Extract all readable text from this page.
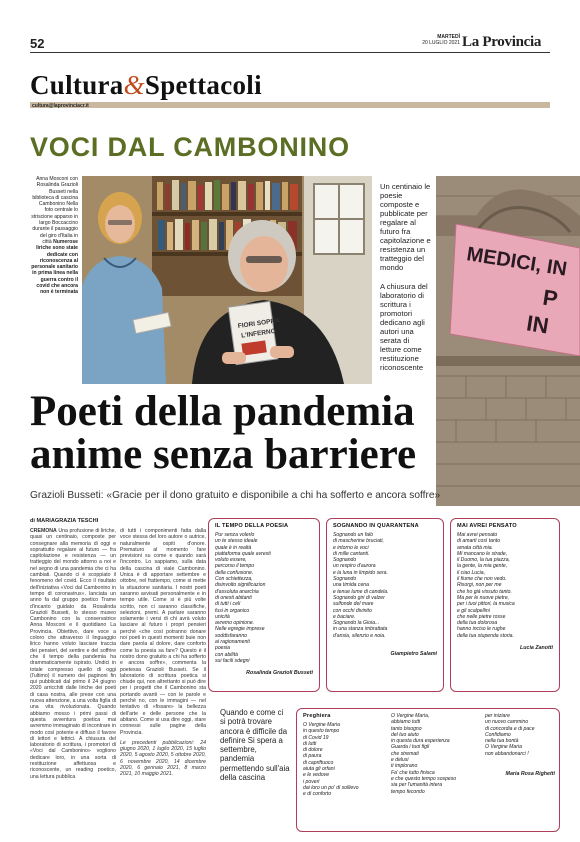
52	MARTEDÌ
20 LUGLIO 2021 La Provincia
Cultura&Spettacoli
cultura@laprovinciacr.it
VOCI DAL CAMBONINO
Anna Mosconi con Rosalinda Grazioli Busseti nella biblioteca di cascina Cambonino Nella foto centrale lo striscione apparso in largo Boccaccino durante il passaggio del giro d'Italia in città Numerose liriche sono state dedicate con riconoscenza al personale sanitario in prima linea nella guerra contro il covid che ancora non è terminata
FIORI SOPRA
L'INFERNO

Un centinaio le poesie composte e pubblicate per regalare al futuro fra capitolazione e resistenza un tratteggio del mondo

A chiusura del laboratorio di scrittura i promotori dedicano agli autori una serata di letture come restituzione riconoscente

MEDICI, IN
P
IN
Poeti della pandemia
anime senza barriere
Grazioli Busseti: «Gracie per il dono gratuito e disponibile a chi ha sofferto e ancora soffre»
di MARIAGRAZIA TESCHI
CREMONA Una profusione di liriche, quasi un centinaio, composte per consegnare alla memoria di oggi e soprattutto regalare al futuro — fra capitolazione e resistenza — un tratteggio del mondo attorno a noi e nel segno di una pandemia che ci ha cambiati. Quando ci è scoppiato il fenomeno del covid. Ecco il risultato dell'iniziativa «Voci dal Cambonino in tempo di coronavirus», lanciata un anno fa dal gruppo poetico Trame d'incanto guidato da Rosalinda Grazioli Busseti, lo stesso museo Cambonino con la conservatrice Anna Mosconi e il quotidiano La Provincia. Obiettivo, dare voce a coloro che attraverso il linguaggio lirico hanno voluto lasciare traccia dei pensieri, del sentire e del soffrire che il tempo della pandemia ha drammaticamente ispirato. Undici in totale compresso quello di oggi (l'ultimo) il numero dei paginoni fin qui pubblicati dal primo il 24 giugno 2020 arricchiti dalle liriche dei poeti di casa nostra, alle prese con una nuova attenzione, a una volta figlia di una vita rivoluzionata. Quando abbiamo mosso i primi passi di questa avventura poetica mai avremmo immaginato di incontrare in modo così potente e diffuso il favore di lettori e lettrici. A chiusura del laboratorio di scrittura, i promotori di «Voci dal Cambonino» vogliono dedicare loro, in una sorta di restituzione affettuosa e riconoscente, un reading poetico, una lettura pubblica
di tutti i componimenti fatta dalla voce stessa del loro autore o autrice, naturalmente ospiti d'onore. Prematuro al momento fare previsioni su come e quando sarà l'incontro. Lo sappiamo, sulla data della cascina di viale Cambonino. Unica è di apportare settembre e ottobre, nel frattempo, come si mette la situazione sanitaria. I nostri poeti saranno avvisati personalmente e in tempo utile. Come si è più volte scritto, non ci saranno classifiche, selezioni, premi. A parlare saranno solamente i versi di chi avrà voluto lasciare al futuro i propri pensieri perché «che così potranno donare noi poeti in questi momenti buie non dare parola al dolore, dare conforto come la poesia sa fare? Questo è il nostro dono gratuito a chi ha sofferto e ancora soffre», commenta la poetessa Grazioli Busseti. Se il laboratorio di scrittura poetica si chiude qui, non altrettanto si può dire per i progetti che il Cambonino sta portando avanti — con le parole e perché no, con le immagini — nel tentativo di «fissare» la bellezza dell'arte e delle persone che la abitano. Come si usa dire oggi, stare connessi sulle pagine della Provincia.
Le precedenti pubblicazioni: 24 giugno 2020, 1 luglio 2020, 15 luglio 2020, 5 agosto 2020, 5 ottobre 2020, 6 novembre 2020, 14 dicembre 2020, 6 gennaio 2021, 8 marzo 2021, 10 maggio 2021.
IL TEMPO DELLA POESIA
Pur senza volerlo
un te stesso ideale
quale è in realtà
piattaforma quale avresti
voluto essere,
percorso il tempo
della confusione.
Con schiettezza,
disinvolto significazion
d'assoluta anarchia
di onesti abitanti
di tutti i celi
fusi in organico
unicità
avremo opinione.
Nelle egregie imprese
soddisfaranno
ai ragionamenti
poesia
con abilità
sui facili sdegni
Rosalinda Grazioli Busseti
SOGNANDO IN QUARANTENA
Sognando un falò
di mascherine bruciati,
e intorno le voci
di mille cantanti.
Sognando
un respiro d'aurora
e la luna in limpido sera.
Sognando
una timida cena
e tenue lume di candela.
Sognando giri di valzer
sulfonde del mare
con occhi divinito
e baciare.
Sognando la Gioia...
in una stanza imbrattata
d'ansia, silenzio e noia.
Giampietro Salami
MAI AVREI PENSATO
Mai avrei pensato
di amarti così tanto
amata città mia.
Mi mancano le strade,
il Duomo, la tua piazza,
la gente, la mia gente,
il ciao Lucia,
il fiume che non vedo.
Risorgi, non per me
che ho già vissuto tanto.
Ma per le nuove pietre,
per i tuoi pittori, la musica
e gli scalpellini
che nelle pietre rosse
della tua dolorosa
hanno inciso le rughe
della tua stupenda storia.
Lucia Zanotti
Quando e come ci si potrà trovare ancora è difficile da definire Si spera a settembre, pandemia permettendo sull'aia della cascina
Preghiera
O Vergine Maria
in questo tempo
di Covid 19
di lutti
di dolore
di paura
di capriftuoco
aiuta gli orfani
e le vedove
i poveri
dai loro un po' di sollievo
e di conforto
O Vergine Maria,
abbiamo tutti
tanto bisogno
del tuo aiuto
in questa dura esperienza
Guarda i tuoi figli
che stremati
e delusi
ti implorano
Fa' che tutto finisca
e che questo tempo sospeso
sia per l'umanità intera
tempo fecondo
per iniziare
un nuovo cammino
di concordia e di pace
Confidiamo
nella tua bontà
O Vergine Maria
non abbandonarci !
Maria Rosa Righetti
